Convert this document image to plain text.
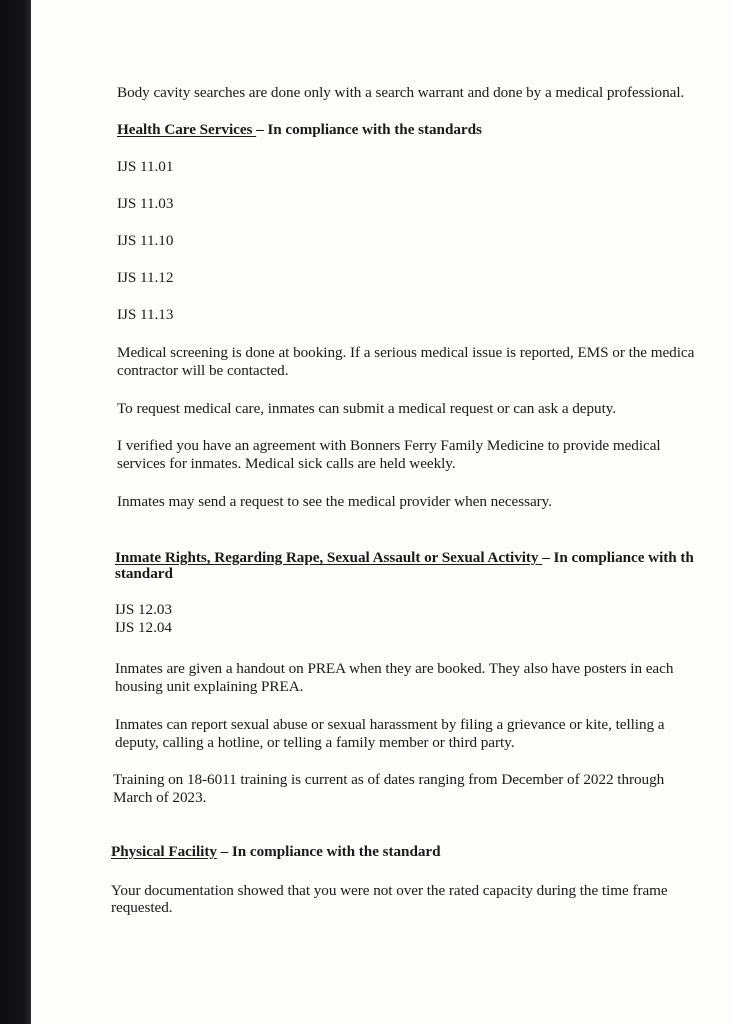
Body cavity searches are done only with a search warrant and done by a medical professional.
Health Care Services – In compliance with the standards
IJS 11.01
IJS 11.03
IJS 11.10
IJS 11.12
IJS 11.13
Medical screening is done at booking. If a serious medical issue is reported, EMS or the medica
contractor will be contacted.
To request medical care, inmates can submit a medical request or can ask a deputy.
I verified you have an agreement with Bonners Ferry Family Medicine to provide medical
services for inmates. Medical sick calls are held weekly.
Inmates may send a request to see the medical provider when necessary.
Inmate Rights, Regarding Rape, Sexual Assault or Sexual Activity – In compliance with th
standard
IJS 12.03
IJS 12.04
Inmates are given a handout on PREA when they are booked. They also have posters in each
housing unit explaining PREA.
Inmates can report sexual abuse or sexual harassment by filing a grievance or kite, telling a
deputy, calling a hotline, or telling a family member or third party.
Training on 18-6011 training is current as of dates ranging from December of 2022 through
March of 2023.
Physical Facility – In compliance with the standard
Your documentation showed that you were not over the rated capacity during the time frame
requested.
